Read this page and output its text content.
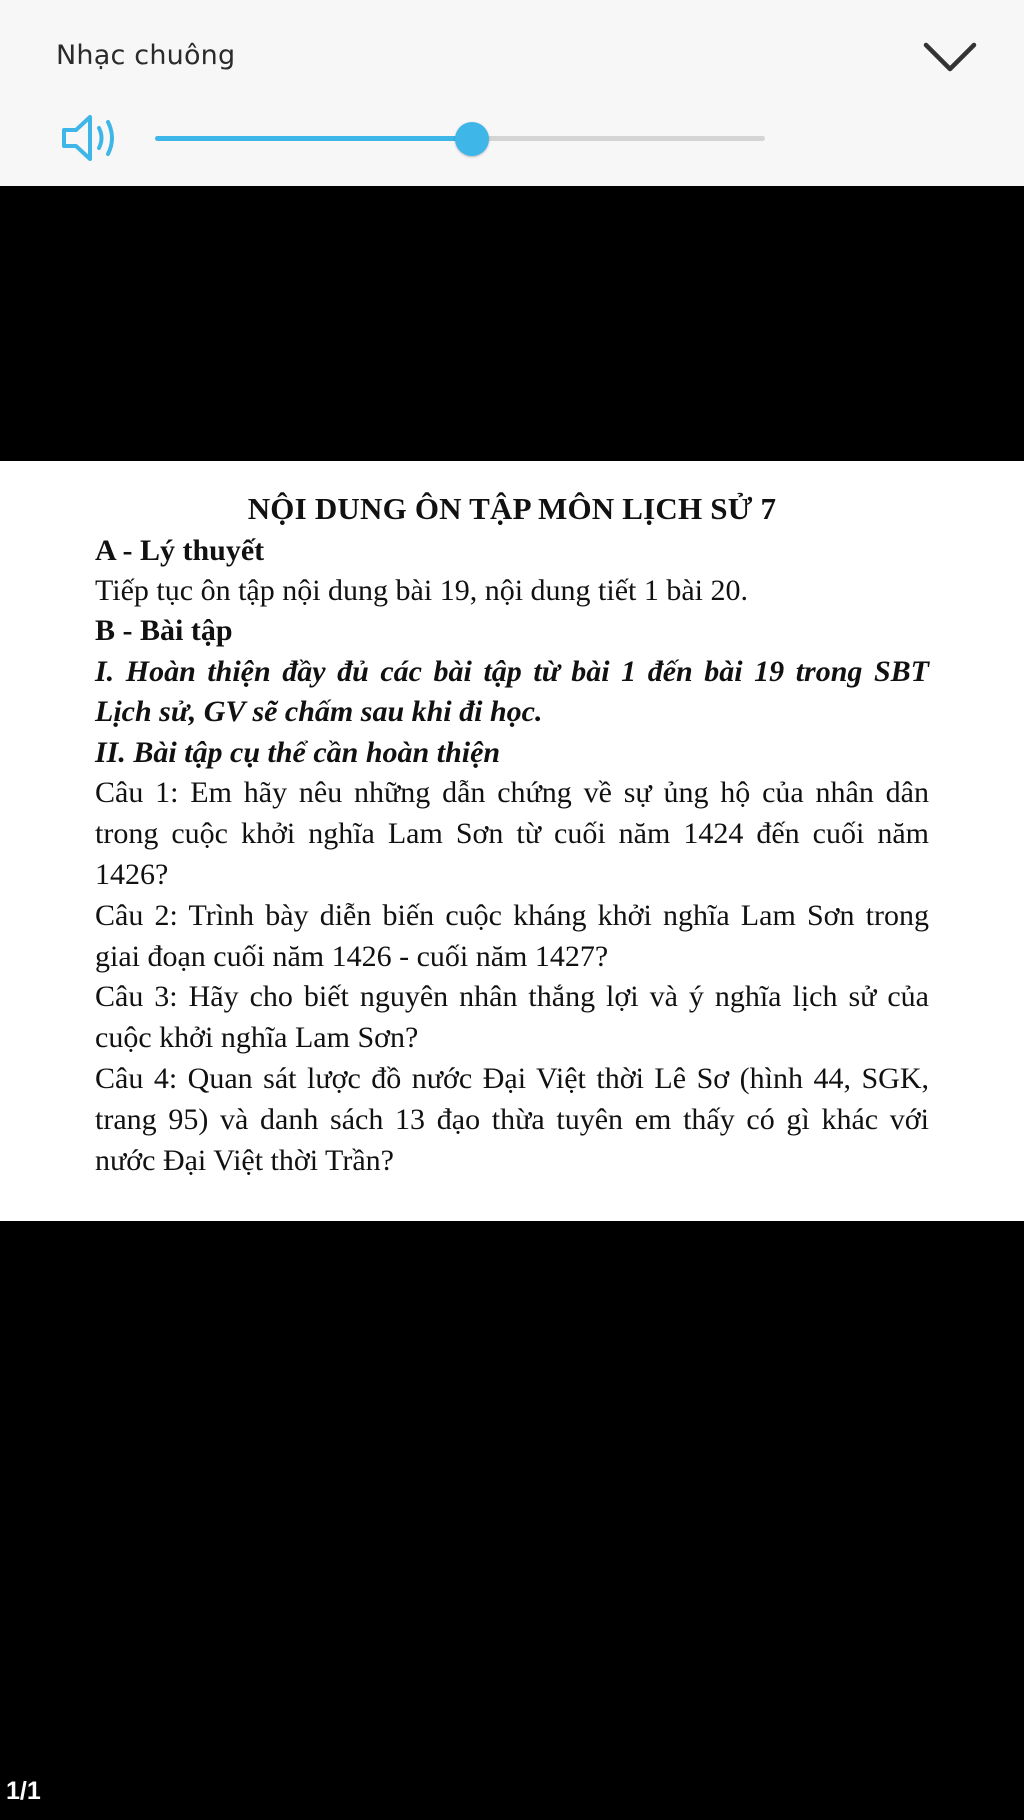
Nhạc chuông
NỘI DUNG ÔN TẬP MÔN LỊCH SỬ 7
A - Lý thuyết
Tiếp tục ôn tập nội dung bài 19, nội dung tiết 1 bài 20.
B - Bài tập
I. Hoàn thiện đầy đủ các bài tập từ bài 1 đến bài 19 trong SBT Lịch sử, GV sẽ chấm sau khi đi học.
II. Bài tập cụ thể cần hoàn thiện
Câu 1: Em hãy nêu những dẫn chứng về sự ủng hộ của nhân dân trong cuộc khởi nghĩa Lam Sơn từ cuối năm 1424 đến cuối năm 1426?
Câu 2: Trình bày diễn biến cuộc kháng khởi nghĩa Lam Sơn trong giai đoạn cuối năm 1426 - cuối năm 1427?
Câu 3: Hãy cho biết nguyên nhân thắng lợi và ý nghĩa lịch sử của cuộc khởi nghĩa Lam Sơn?
Câu 4: Quan sát lược đồ nước Đại Việt thời Lê Sơ (hình 44, SGK, trang 95) và danh sách 13 đạo thừa tuyên em thấy có gì khác với nước Đại Việt thời Trần?
1/1
